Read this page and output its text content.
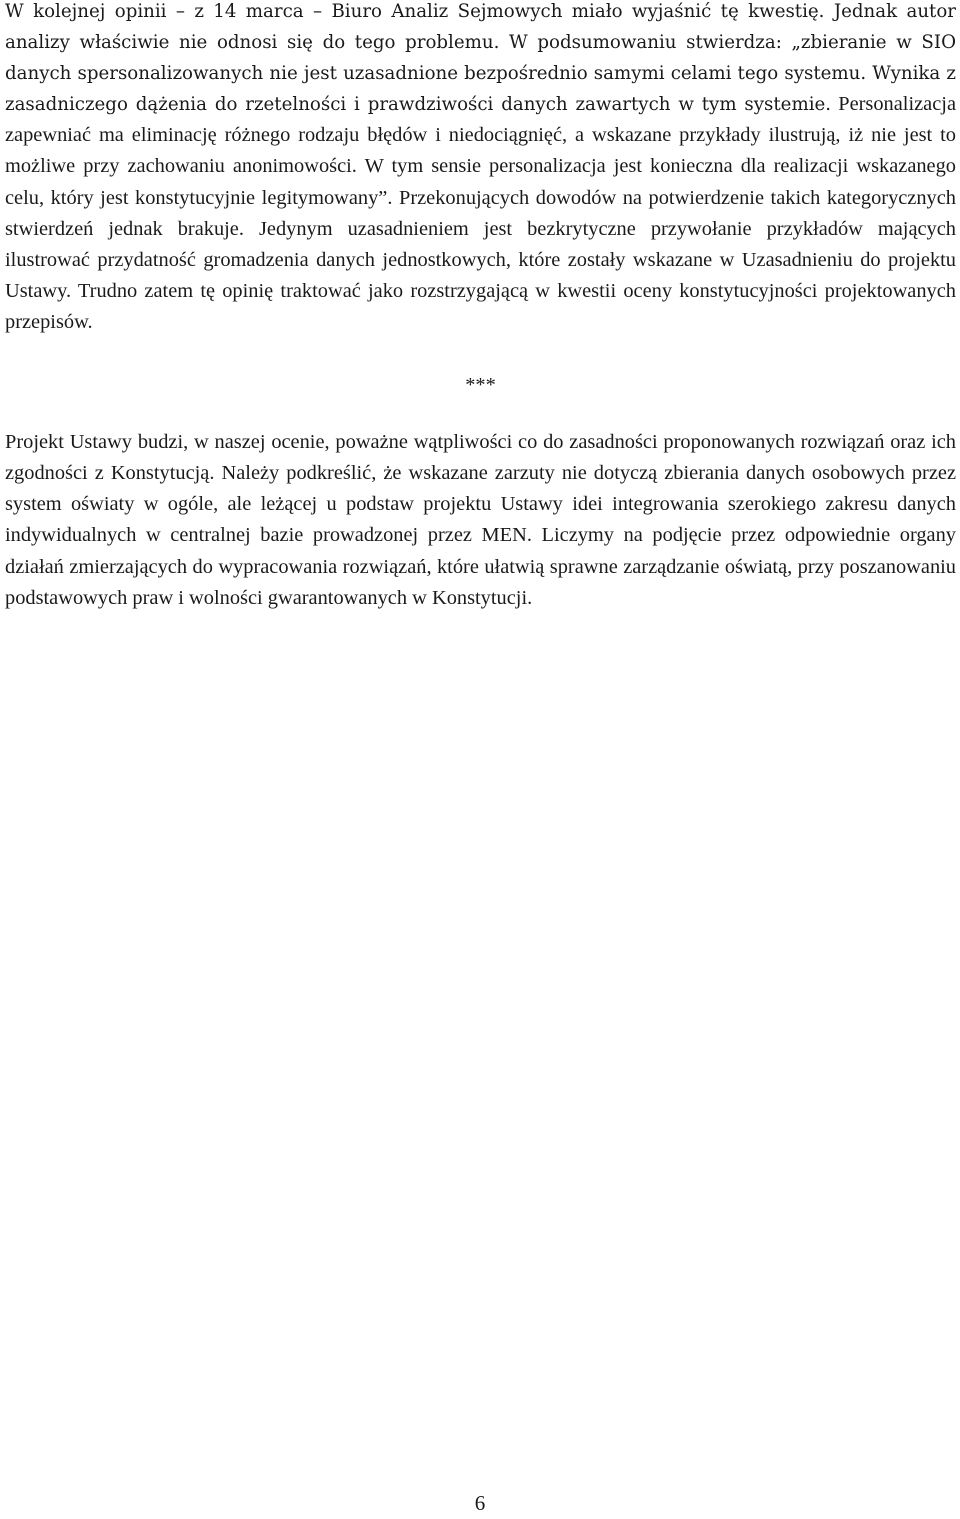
W kolejnej opinii – z 14 marca – Biuro Analiz Sejmowych miało wyjaśnić tę kwestię. Jednak autor analizy właściwie nie odnosi się do tego problemu. W podsumowaniu stwierdza: „zbieranie w SIO danych spersonalizowanych nie jest uzasadnione bezpośrednio samymi celami tego systemu. Wynika z zasadniczego dążenia do rzetelności i prawdziwości danych zawartych w tym systemie. Personalizacja zapewniać ma eliminację różnego rodzaju błędów i niedociągnięć, a wskazane przykłady ilustrują, iż nie jest to możliwe przy zachowaniu anonimowości. W tym sensie personalizacja jest konieczna dla realizacji wskazanego celu, który jest konstytucyjnie legitymowany”. Przekonujących dowodów na potwierdzenie takich kategorycznych stwierdzeń jednak brakuje. Jedynym uzasadnieniem jest bezkrytyczne przywołanie przykładów mających ilustrować przydatność gromadzenia danych jednostkowych, które zostały wskazane w Uzasadnieniu do projektu Ustawy. Trudno zatem tę opinię traktować jako rozstrzygającą w kwestii oceny konstytucyjności projektowanych przepisów.

***

Projekt Ustawy budzi, w naszej ocenie, poważne wątpliwości co do zasadności proponowanych rozwiązań oraz ich zgodności z Konstytucją. Należy podkreślić, że wskazane zarzuty nie dotyczą zbierania danych osobowych przez system oświaty w ogóle, ale leżącej u podstaw projektu Ustawy idei integrowania szerokiego zakresu danych indywidualnych w centralnej bazie prowadzonej przez MEN. Liczymy na podjęcie przez odpowiednie organy działań zmierzających do wypracowania rozwiązań, które ułatwią sprawne zarządzanie oświatą, przy poszanowaniu podstawowych praw i wolności gwarantowanych w Konstytucji.

6
